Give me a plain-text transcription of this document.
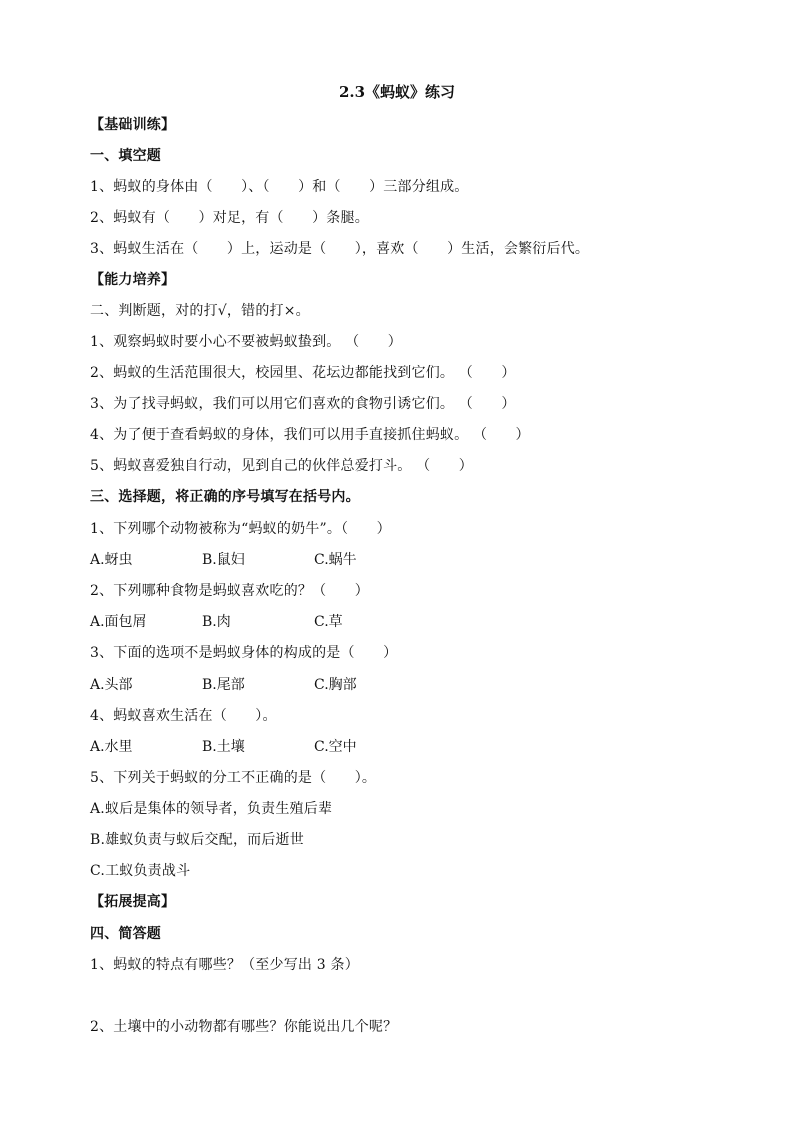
2.3《蚂蚁》练习
【基础训练】
一、填空题
1、蚂蚁的身体由（　　）、（　　）和（　　）三部分组成。
2、蚂蚁有（　　）对足，有（　　）条腿。
3、蚂蚁生活在（　　）上，运动是（　　），喜欢（　　）生活，会繁衍后代。
【能力培养】
二、判断题，对的打√，错的打×。
1、观察蚂蚁时要小心不要被蚂蚁蛰到。 （　　）
2、蚂蚁的生活范围很大，校园里、花坛边都能找到它们。 （　　）
3、为了找寻蚂蚁，我们可以用它们喜欢的食物引诱它们。 （　　）
4、为了便于查看蚂蚁的身体，我们可以用手直接抓住蚂蚁。 （　　）
5、蚂蚁喜爱独自行动，见到自己的伙伴总爱打斗。 （　　）
三、选择题，将正确的序号填写在括号内。
1、下列哪个动物被称为“蚂蚁的奶牛”。（　　）
A.蚜虫	B.鼠妇	C.蜗牛
2、下列哪种食物是蚂蚁喜欢吃的？（　　）
A.面包屑	B.肉	C.草
3、下面的选项不是蚂蚁身体的构成的是（　　）
A.头部	B.尾部	C.胸部
4、蚂蚁喜欢生活在（　　）。
A.水里	B.土壤	C.空中
5、下列关于蚂蚁的分工不正确的是（　　）。
A.蚁后是集体的领导者，负责生殖后辈
B.雄蚁负责与蚁后交配，而后逝世
C.工蚁负责战斗
【拓展提高】
四、简答题
1、蚂蚁的特点有哪些？（至少写出 3 条）
2、土壤中的小动物都有哪些？你能说出几个呢？
